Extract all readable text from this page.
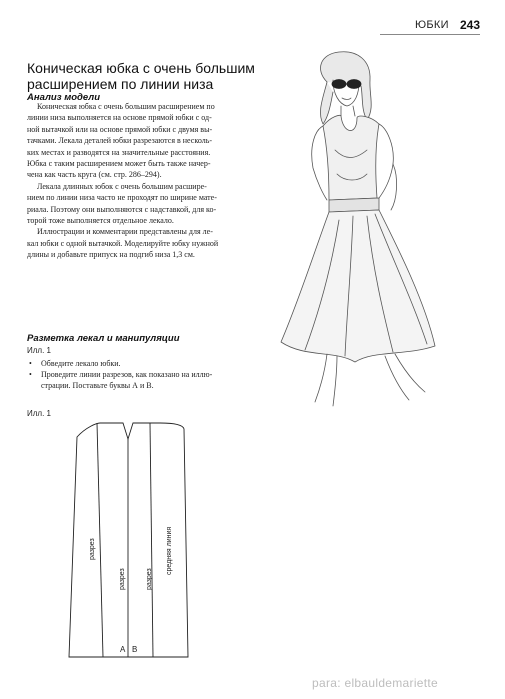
ЮБКИ 243
Коническая юбка с очень большим
расширением по линии низа
Анализ модели

Коническая юбка с очень большим расширением по
линии низа выполняется на основе прямой юбки с од-
ной вытачкой или на основе прямой юбки с двумя вы-
тачками. Лекала деталей юбки разрезаются в несколь-
ких местах и разводятся на значительные расстояния.
Юбка с таким расширением может быть также начер-
чена как часть круга (см. стр. 286–294).

Лекала длинных юбок с очень большим расшире-
нием по линии низа часто не проходят по ширине мате-
риала. Поэтому они выполняются с надставкой, для ко-
торой тоже выполняется отдельное лекало.

Иллюстрации и комментарии представлены для ле-
кал юбки с одной вытачкой. Моделируйте юбку нужной
длины и добавьте припуск на подгиб низа 1,3 см.

Разметка лекал и манипуляции
Илл. 1
• Обведите лекало юбки.
• Проведите линии разрезов, как показано на иллю-
страции. Поставьте буквы А и В.
Илл. 1
разрез
разрез	разрез
средняя линия
А В
para: elbauldemariette
